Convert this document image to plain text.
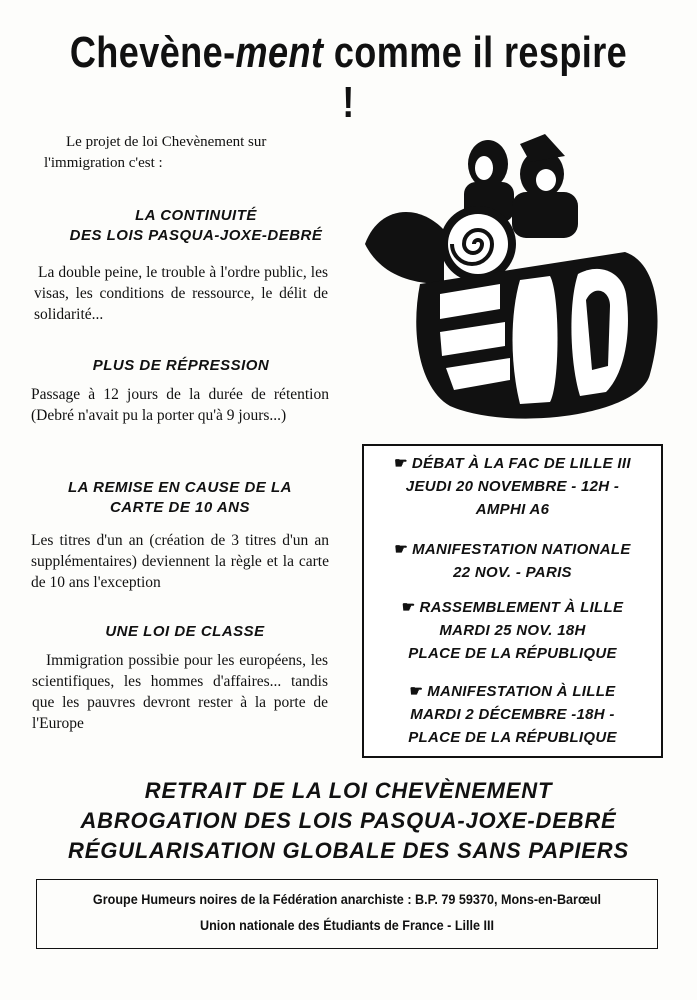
Chevène-ment comme il respire !
Le projet de loi Chevènement sur l'immigration c'est :
LA CONTINUITÉ
DES LOIS PASQUA-JOXE-DEBRÉ
La double peine, le trouble à l'ordre public, les visas, les conditions de ressource, le délit de solidarité...
PLUS DE RÉPRESSION
Passage à 12 jours de la durée de rétention (Debré n'avait pu la porter qu'à 9 jours...)
LA REMISE EN CAUSE DE LA
CARTE DE 10 ANS
Les titres d'un an (création de 3 titres d'un an supplémentaires) deviennent la règle et la carte de 10 ans l'exception
UNE LOI DE CLASSE
Immigration possibie pour les européens, les scientifiques, les hommes d'affaires... tandis que les pauvres devront rester à la porte de l'Europe
☛ DÉBAT À LA FAC DE LILLE III
JEUDI 20 NOVEMBRE - 12H -
AMPHI A6
☛ MANIFESTATION NATIONALE
22 NOV. - PARIS
☛ RASSEMBLEMENT À LILLE
MARDI 25 NOV. 18H
PLACE DE LA RÉPUBLIQUE
☛ MANIFESTATION À LILLE
MARDI 2 DÉCEMBRE -18H -
PLACE DE LA RÉPUBLIQUE
RETRAIT DE LA LOI CHEVÈNEMENT
ABROGATION DES LOIS PASQUA-JOXE-DEBRÉ
RÉGULARISATION GLOBALE DES SANS PAPIERS
Groupe Humeurs noires de la Fédération anarchiste : B.P. 79 59370, Mons-en-Barœul
Union nationale des Étudiants de France - Lille III
